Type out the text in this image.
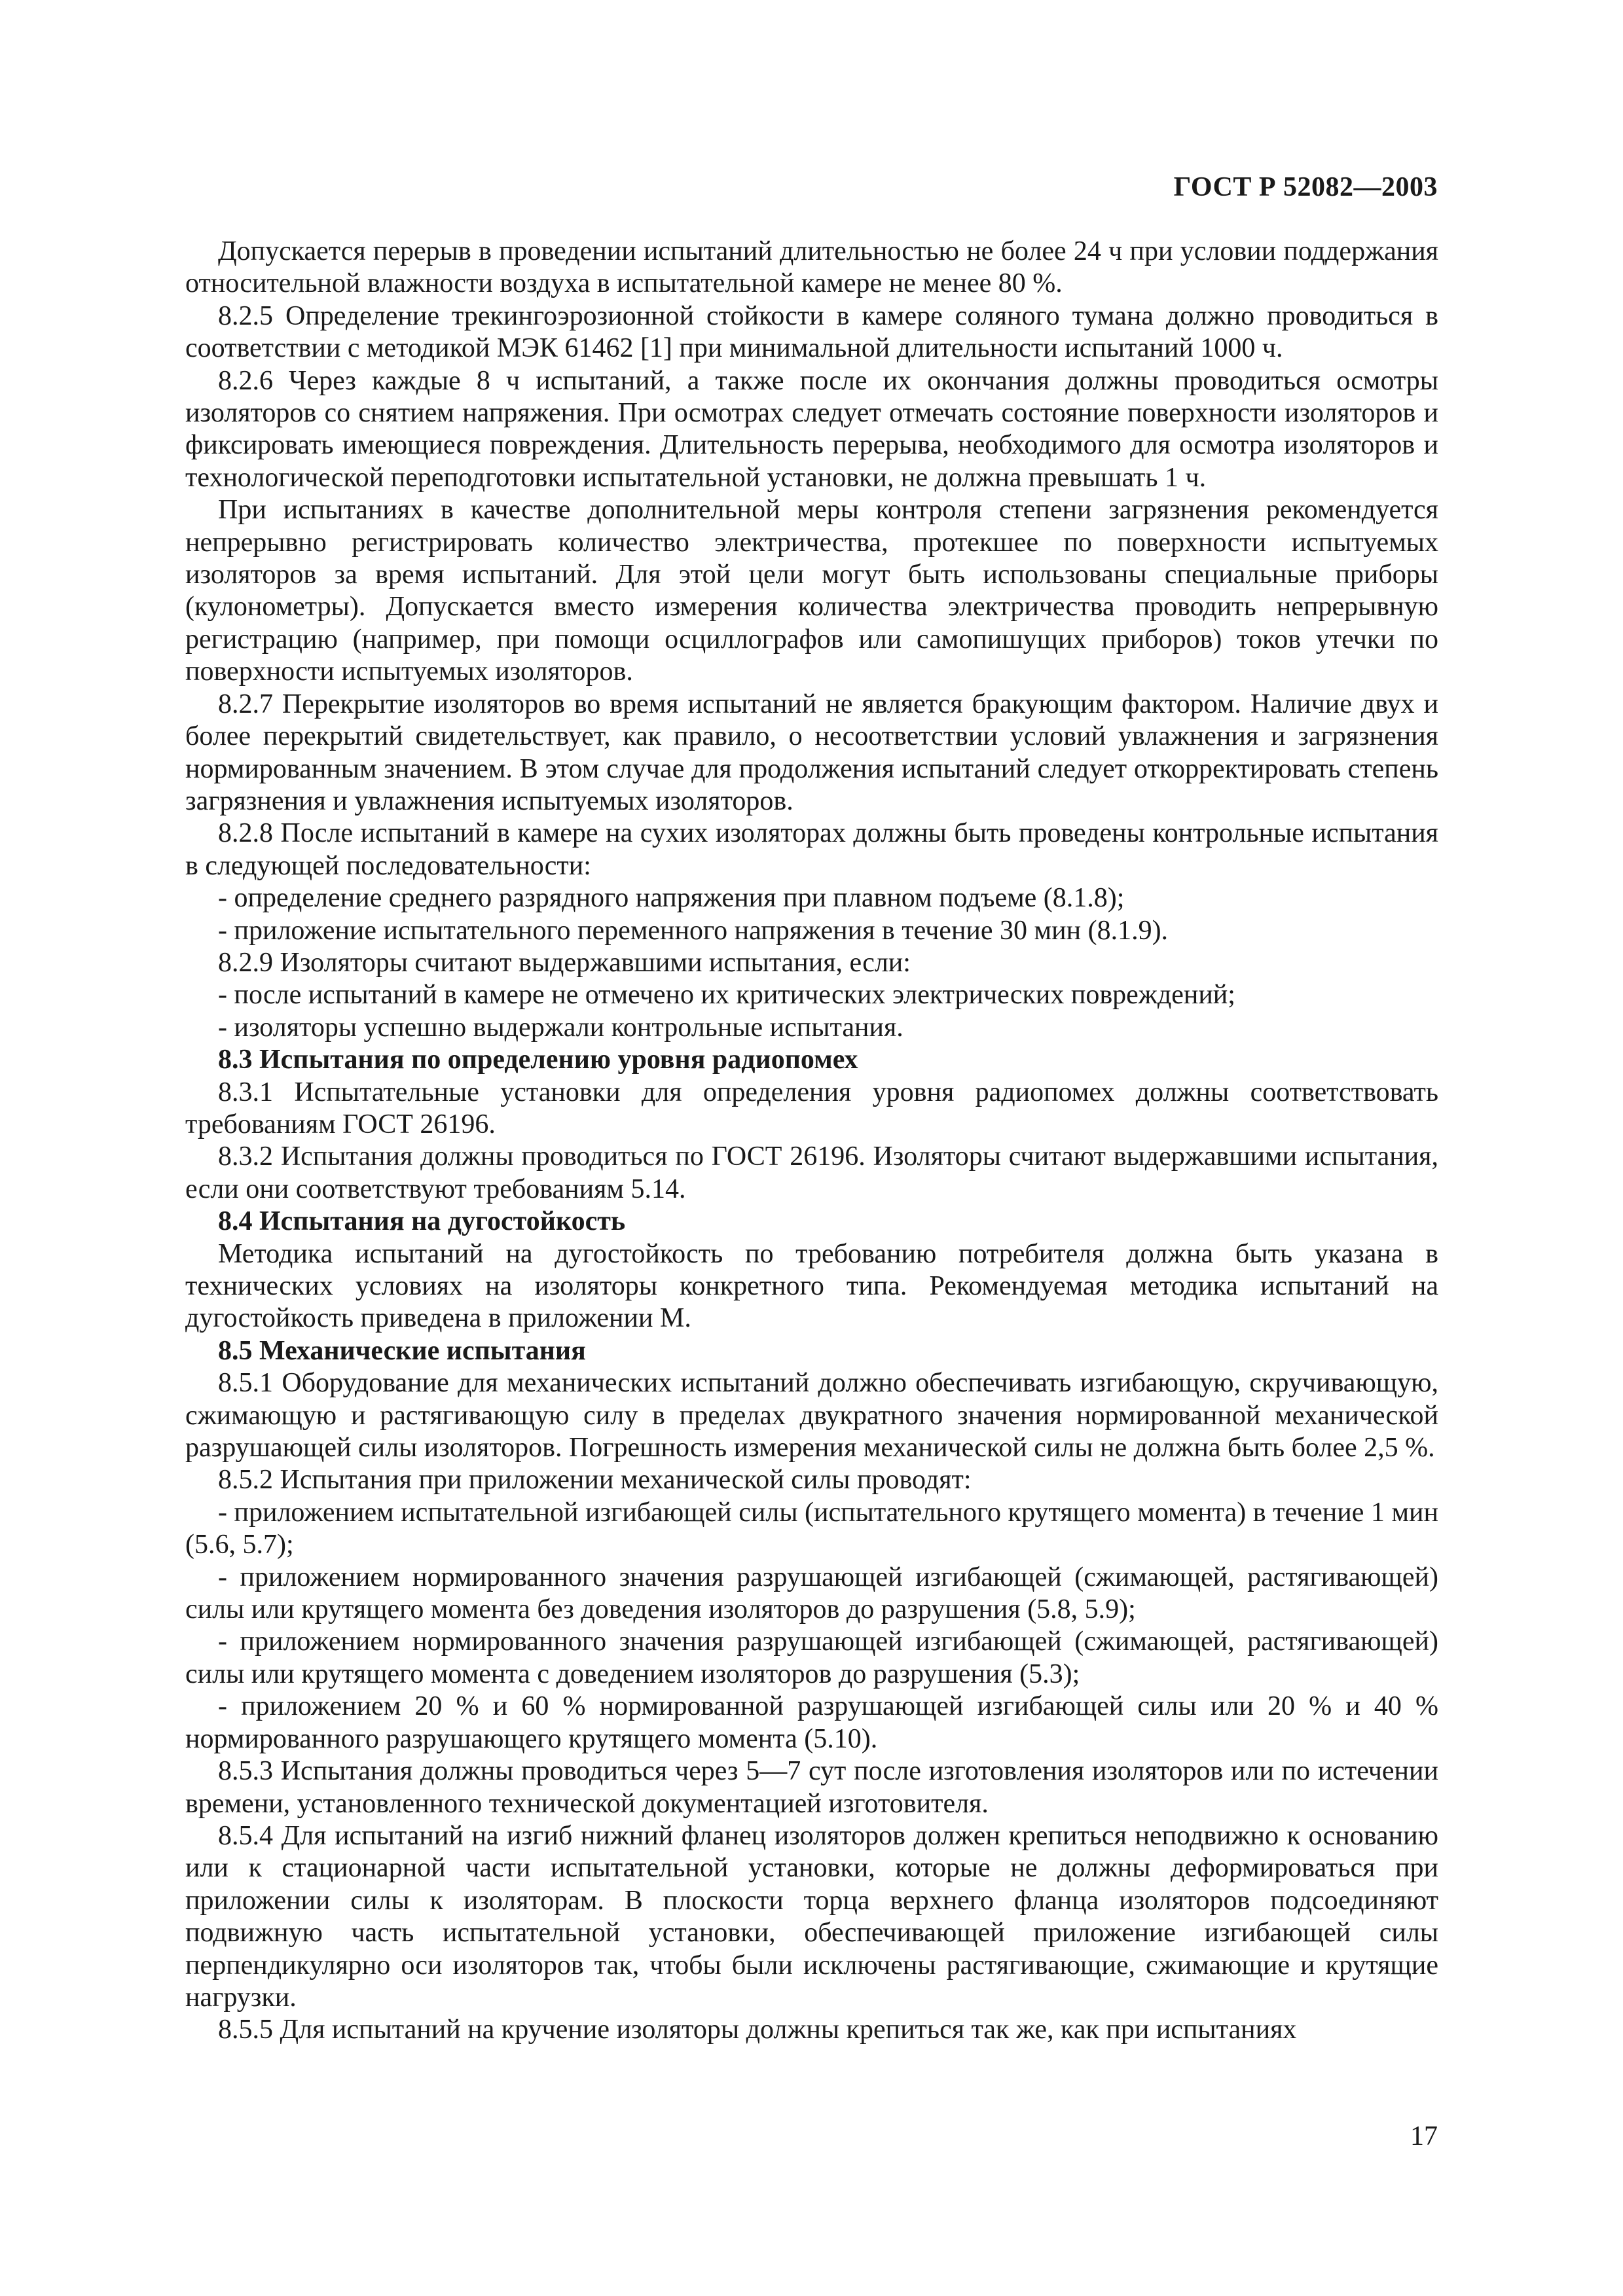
ГОСТ Р 52082—2003

Допускается перерыв в проведении испытаний длительностью не более 24 ч при условии поддержания относительной влажности воздуха в испытательной камере не менее 80 %.

8.2.5 Определение трекингоэрозионной стойкости в камере соляного тумана должно проводиться в соответствии с методикой МЭК 61462 [1] при минимальной длительности испытаний 1000 ч.

8.2.6 Через каждые 8 ч испытаний, а также после их окончания должны проводиться осмотры изоляторов со снятием напряжения. При осмотрах следует отмечать состояние поверхности изоляторов и фиксировать имеющиеся повреждения. Длительность перерыва, необходимого для осмотра изоляторов и технологической переподготовки испытательной установки, не должна превышать 1 ч.

При испытаниях в качестве дополнительной меры контроля степени загрязнения рекомендуется непрерывно регистрировать количество электричества, протекшее по поверхности испытуемых изоляторов за время испытаний. Для этой цели могут быть использованы специальные приборы (кулонометры). Допускается вместо измерения количества электричества проводить непрерывную регистрацию (например, при помощи осциллографов или самопишущих приборов) токов утечки по поверхности испытуемых изоляторов.

8.2.7 Перекрытие изоляторов во время испытаний не является бракующим фактором. Наличие двух и более перекрытий свидетельствует, как правило, о несоответствии условий увлажнения и загрязнения нормированным значением. В этом случае для продолжения испытаний следует откорректировать степень загрязнения и увлажнения испытуемых изоляторов.

8.2.8 После испытаний в камере на сухих изоляторах должны быть проведены контрольные испытания в следующей последовательности:

- определение среднего разрядного напряжения при плавном подъеме (8.1.8);

- приложение испытательного переменного напряжения в течение 30 мин (8.1.9).

8.2.9 Изоляторы считают выдержавшими испытания, если:

- после испытаний в камере не отмечено их критических электрических повреждений;

- изоляторы успешно выдержали контрольные испытания.

8.3 Испытания по определению уровня радиопомех

8.3.1 Испытательные установки для определения уровня радиопомех должны соответствовать требованиям ГОСТ 26196.

8.3.2 Испытания должны проводиться по ГОСТ 26196. Изоляторы считают выдержавшими испытания, если они соответствуют требованиям 5.14.

8.4 Испытания на дугостойкость

Методика испытаний на дугостойкость по требованию потребителя должна быть указана в технических условиях на изоляторы конкретного типа. Рекомендуемая методика испытаний на дугостойкость приведена в приложении М.

8.5 Механические испытания

8.5.1 Оборудование для механических испытаний должно обеспечивать изгибающую, скручивающую, сжимающую и растягивающую силу в пределах двукратного значения нормированной механической разрушающей силы изоляторов. Погрешность измерения механической силы не должна быть более 2,5 %.

8.5.2 Испытания при приложении механической силы проводят:

- приложением испытательной изгибающей силы (испытательного крутящего момента) в течение 1 мин (5.6, 5.7);

- приложением нормированного значения разрушающей изгибающей (сжимающей, растягивающей) силы или крутящего момента без доведения изоляторов до разрушения (5.8, 5.9);

- приложением нормированного значения разрушающей изгибающей (сжимающей, растягивающей) силы или крутящего момента с доведением изоляторов до разрушения (5.3);

- приложением 20 % и 60 % нормированной разрушающей изгибающей силы или 20 % и 40 % нормированного разрушающего крутящего момента (5.10).

8.5.3 Испытания должны проводиться через 5—7 сут после изготовления изоляторов или по истечении времени, установленного технической документацией изготовителя.

8.5.4 Для испытаний на изгиб нижний фланец изоляторов должен крепиться неподвижно к основанию или к стационарной части испытательной установки, которые не должны деформироваться при приложении силы к изоляторам. В плоскости торца верхнего фланца изоляторов подсоединяют подвижную часть испытательной установки, обеспечивающей приложение изгибающей силы перпендикулярно оси изоляторов так, чтобы были исключены растягивающие, сжимающие и крутящие нагрузки.

8.5.5 Для испытаний на кручение изоляторы должны крепиться так же, как при испытаниях

17
